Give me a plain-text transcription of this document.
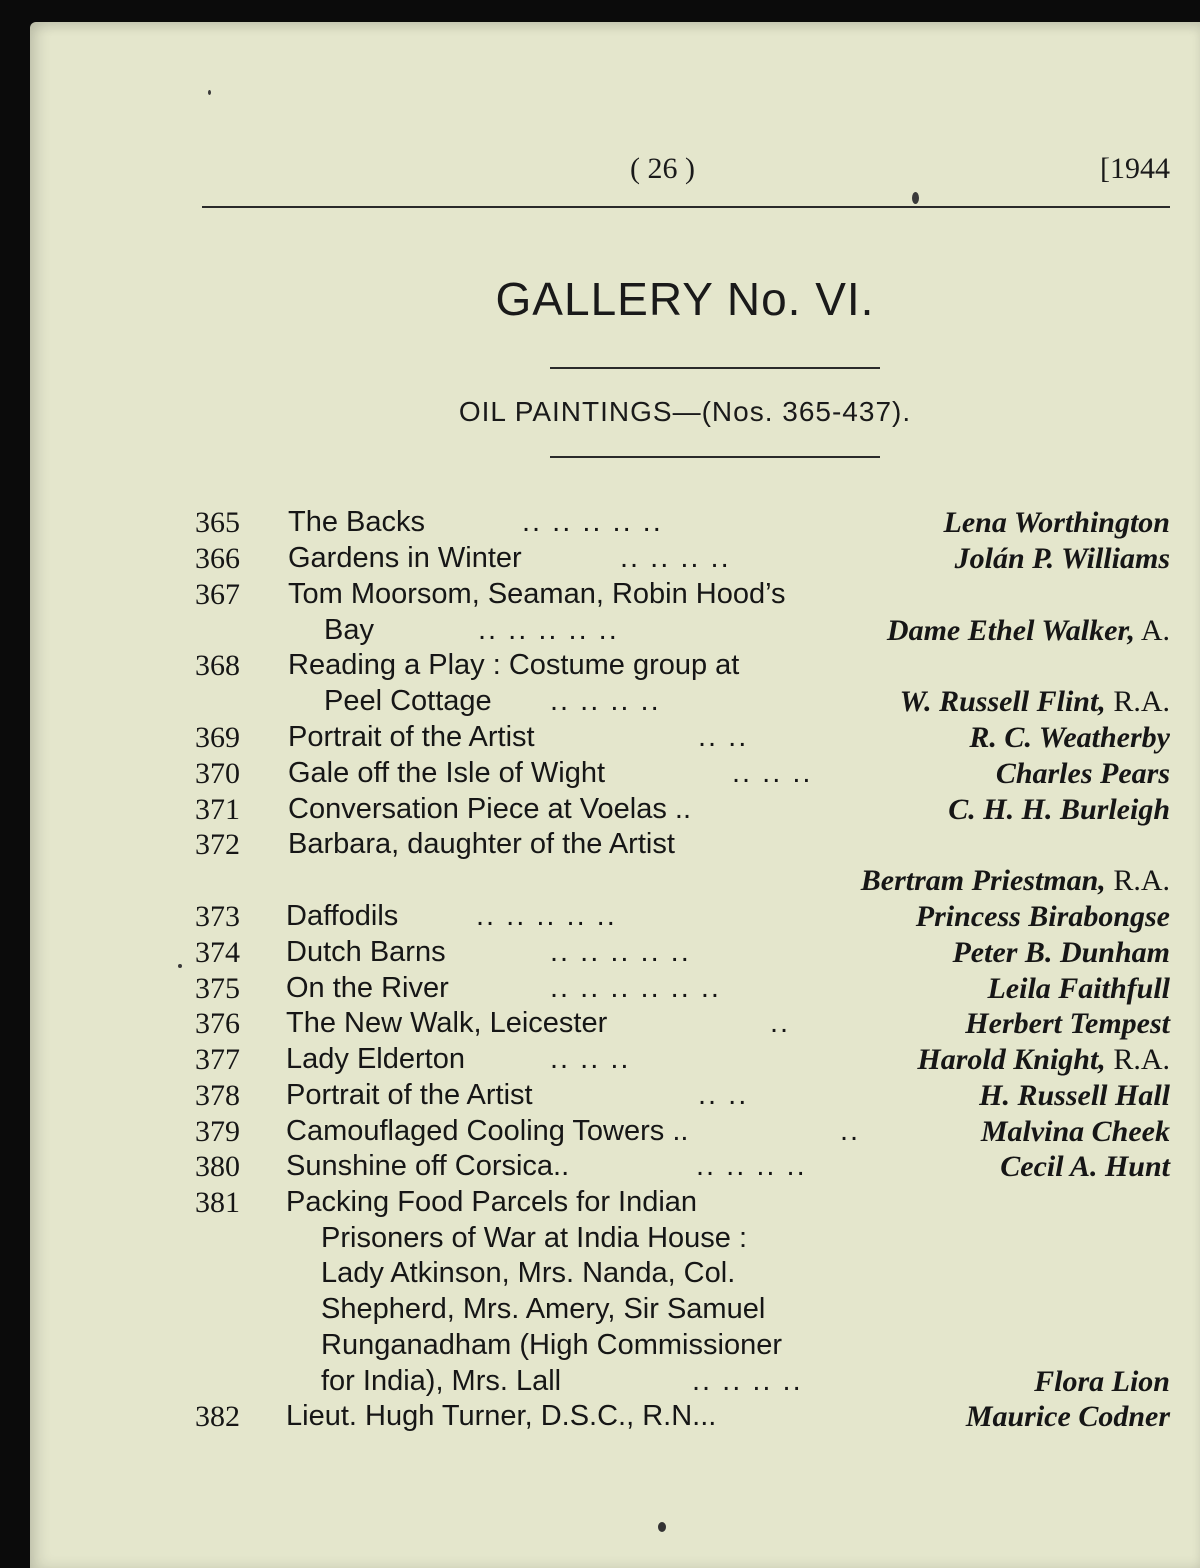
( 26 )	[1944
GALLERY No. VI.
OIL PAINTINGS—(Nos. 365-437).
365	The Backs	.. .. .. .. ..	Lena Worthington
366	Gardens in Winter	.. .. .. ..	Jolán P. Williams
367	Tom Moorsom, Seaman, Robin Hood’s
Bay	.. .. .. .. ..	Dame Ethel Walker, A.
368	Reading a Play : Costume group at
Peel Cottage .. .. .. ..	W. Russell Flint, R.A.
369	Portrait of the Artist	.. ..	R. C. Weatherby
370	Gale off the Isle of Wight	.. .. ..	Charles Pears
371	Conversation Piece at Voelas ..	C. H. H. Burleigh
372	Barbara, daughter of the Artist
Bertram Priestman, R.A.
373	Daffodils	.. .. .. .. ..	Princess Birabongse
374	Dutch Barns	.. .. .. .. ..	Peter B. Dunham
375	On the River	.. .. .. .. .. ..	Leila Faithfull
376	The New Walk, Leicester	..	Herbert Tempest
377	Lady Elderton	.. .. ..	Harold Knight, R.A.
378	Portrait of the Artist	.. ..	H. Russell Hall
379	Camouflaged Cooling Towers ..	..	Malvina Cheek
380	Sunshine off Corsica..	.. .. .. ..	Cecil A. Hunt
381	Packing Food Parcels for Indian
Prisoners of War at India House :
Lady Atkinson, Mrs. Nanda, Col.
Shepherd, Mrs. Amery, Sir Samuel
Runganadham (High Commissioner
for India), Mrs. Lall	.. .. .. ..	Flora Lion
382	Lieut. Hugh Turner, D.S.C., R.N...	Maurice Codner
